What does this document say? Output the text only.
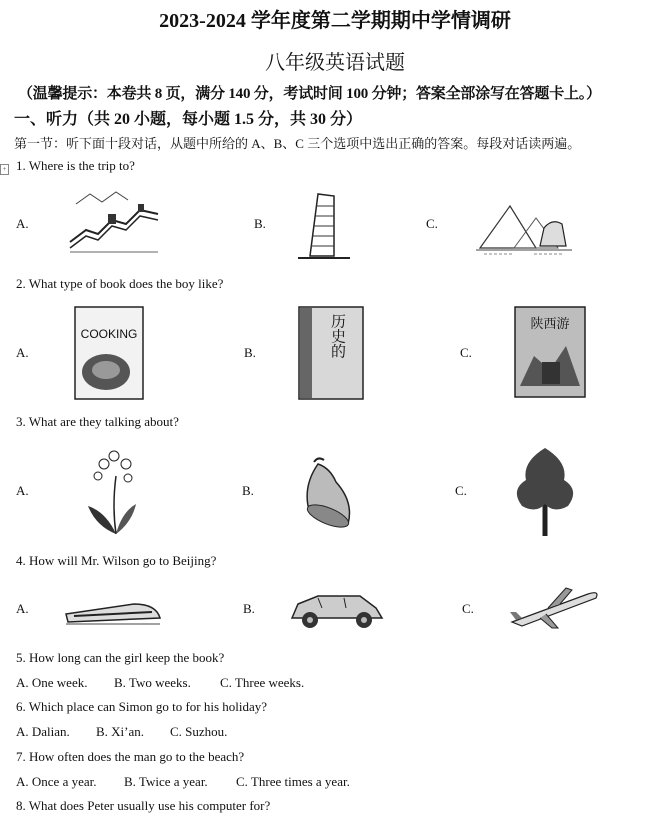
2023-2024 学年度第二学期期中学情调研
八年级英语试题
（温馨提示：本卷共 8 页，满分 140 分，考试时间 100 分钟；答案全部涂写在答题卡上。）
一、听力（共 20 小题，每小题 1.5 分，共 30 分）
第一节：听下面十段对话，从题中所给的 A、B、C 三个选项中选出正确的答案。每段对话读两遍。
+ 1. Where is the trip to?
A.	B.	C.
2. What type of book does the boy like?
A.	B.	C.
COOKING	历史的	陕西游
3. What are they talking about?
A.	B.	C.
4. How will Mr. Wilson go to Beijing?
A.	B.	C.
5. How long can the girl keep the book?
A. One week. B. Two weeks. C. Three weeks.
6. Which place can Simon go to for his holiday?
A. Dalian. B. Xi’an. C. Suzhou.
7. How often does the man go to the beach?
A. Once a year. B. Twice a year. C. Three times a year.
8. What does Peter usually use his computer for?
